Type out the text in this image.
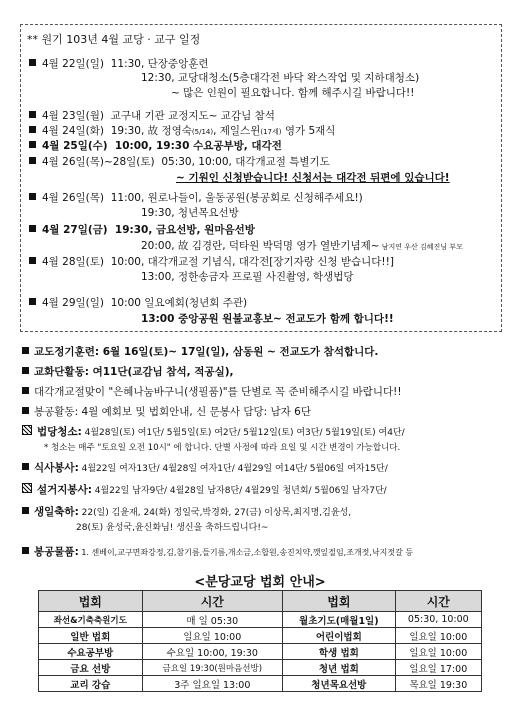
** 원기 103년 4월 교당 · 교구 일정
4월 22일(일) 11:30, 단장중앙훈련
12:30, 교당대청소(5층대각전 바닥 왁스작업 및 지하대청소)
~ 많은 인원이 필요합니다. 함께 해주시길 바랍니다!!
4월 23일(월) 교구내 기관 교정지도~ 교감님 참석
4월 24일(화) 19:30, 故 정영숙(5/14), 제일스윈(17세) 영가 5재식
4월 25일(수) 10:00, 19:30 수요공부방, 대각전
4월 26일(목)~28일(토) 05:30, 10:00, 대각개교절 특별기도
~ 기원인 신청받습니다! 신청서는 대각전 뒤편에 있습니다!
4월 26일(목) 11:00, 원로나들이, 울동공원(봉공회로 신청해주세요!)
19:30, 청년목요선방
4월 27일(금) 19:30, 금요선방, 원마음선방
20:00, 故 김경란, 덕타원 박덕명 영가 열반기념제~ 남지연 우산 김혜진님 부모
4월 28일(토) 10:00, 대각개교절 기념식, 대각전[장기자랑 신청 받습니다!!]
13:00, 정한송금자 프로필 사진촬영, 학생법당
4월 29일(일) 10:00 일요예회(청년회 주관)
13:00 중앙공원 원불교홍보~ 전교도가 함께 합니다!!
교도정기훈련: 6월 16일(토)~ 17일(일), 삼동원 ~ 전교도가 참석합니다.
교화단활동: 여11단(교감님 참석, 적공실),
대각개교절맞이 "은혜나눔바구니(생필품)"를 단별로 꼭 준비해주시길 바랍니다!!
봉공활동: 4월 예회보 및 법회안내, 신 문봉사 담당: 남자 6단
법당청소: 4월28일(토) 여1단/ 5월5일(토) 여2단/ 5월12일(토) 여3단/ 5월19일(토) 여4단/
* 청소는 매주 "토요일 오전 10시" 에 합니다. 단별 사정에 따라 요일 및 시간 변경이 가능합니다.
식사봉사: 4월22일 여자13단/ 4월28일 여자1단/ 4월29일 여14단/ 5월06일 여자15단/
설거지봉사: 4월22일 남자9단/ 4월28일 남자8단/ 4월29일 청년회/ 5월06일 남자7단/
생일축하: 22(일) 김윤재, 24(화) 정일국,박경화, 27(금) 이상목,최지명,김윤성,
28(토) 윤성국,윤신화님! 생신을 축하드립니다!~
봉공물품: 1. 센베이,교구면좌강정,김,참기름,들기름,개소금,소합원,송진치약,깻잎절임,조개젓,낙지젓갈 등
<분당교당 법회 안내>
법회	시간	법회	시간
좌선&기축축원기도	매 일 05:30	월초기도(매월1일)	05:30, 10:00
일반 법회	일요일 10:00	어린이법회	일요일 10:00
수요공부방	수요일 10:00, 19:30	학생 법회	일요일 10:00
금요 선방	금요일 19:30(원마음선방)	청년 법회	일요일 17:00
교리 강습	3주 일요일 13:00	청년목요선방	목요일 19:30
